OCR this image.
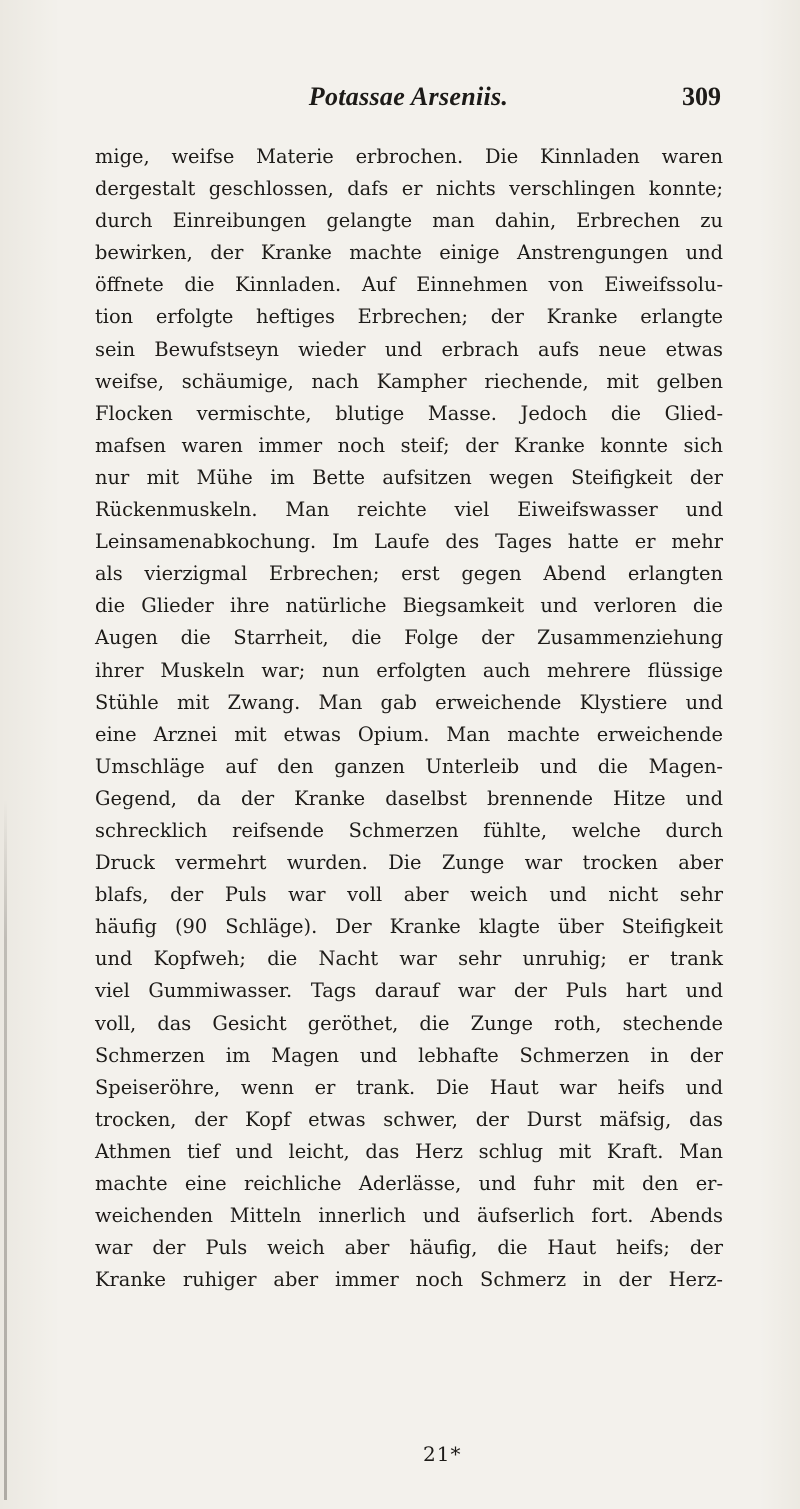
Potassae Arseniis.	309
mige, weifse Materie erbrochen. Die Kinnladen waren
dergestalt geschlossen, dafs er nichts verschlingen konnte;
durch Einreibungen gelangte man dahin, Erbrechen zu
bewirken, der Kranke machte einige Anstrengungen und
öffnete die Kinnladen. Auf Einnehmen von Eiweifssolu-
tion erfolgte heftiges Erbrechen; der Kranke erlangte
sein Bewufstseyn wieder und erbrach aufs neue etwas
weifse, schäumige, nach Kampher riechende, mit gelben
Flocken vermischte, blutige Masse. Jedoch die Glied-
mafsen waren immer noch steif; der Kranke konnte sich
nur mit Mühe im Bette aufsitzen wegen Steifigkeit der
Rückenmuskeln. Man reichte viel Eiweifswasser und
Leinsamenabkochung. Im Laufe des Tages hatte er mehr
als vierzigmal Erbrechen; erst gegen Abend erlangten
die Glieder ihre natürliche Biegsamkeit und verloren die
Augen die Starrheit, die Folge der Zusammenziehung
ihrer Muskeln war; nun erfolgten auch mehrere flüssige
Stühle mit Zwang. Man gab erweichende Klystiere und
eine Arznei mit etwas Opium. Man machte erweichende
Umschläge auf den ganzen Unterleib und die Magen-
Gegend, da der Kranke daselbst brennende Hitze und
schrecklich reifsende Schmerzen fühlte, welche durch
Druck vermehrt wurden. Die Zunge war trocken aber
blafs, der Puls war voll aber weich und nicht sehr
häufig (90 Schläge). Der Kranke klagte über Steifigkeit
und Kopfweh; die Nacht war sehr unruhig; er trank
viel Gummiwasser. Tags darauf war der Puls hart und
voll, das Gesicht geröthet, die Zunge roth, stechende
Schmerzen im Magen und lebhafte Schmerzen in der
Speiseröhre, wenn er trank. Die Haut war heifs und
trocken, der Kopf etwas schwer, der Durst mäfsig, das
Athmen tief und leicht, das Herz schlug mit Kraft. Man
machte eine reichliche Aderlässe, und fuhr mit den er-
weichenden Mitteln innerlich und äufserlich fort. Abends
war der Puls weich aber häufig, die Haut heifs; der
Kranke ruhiger aber immer noch Schmerz in der Herz-
21*
